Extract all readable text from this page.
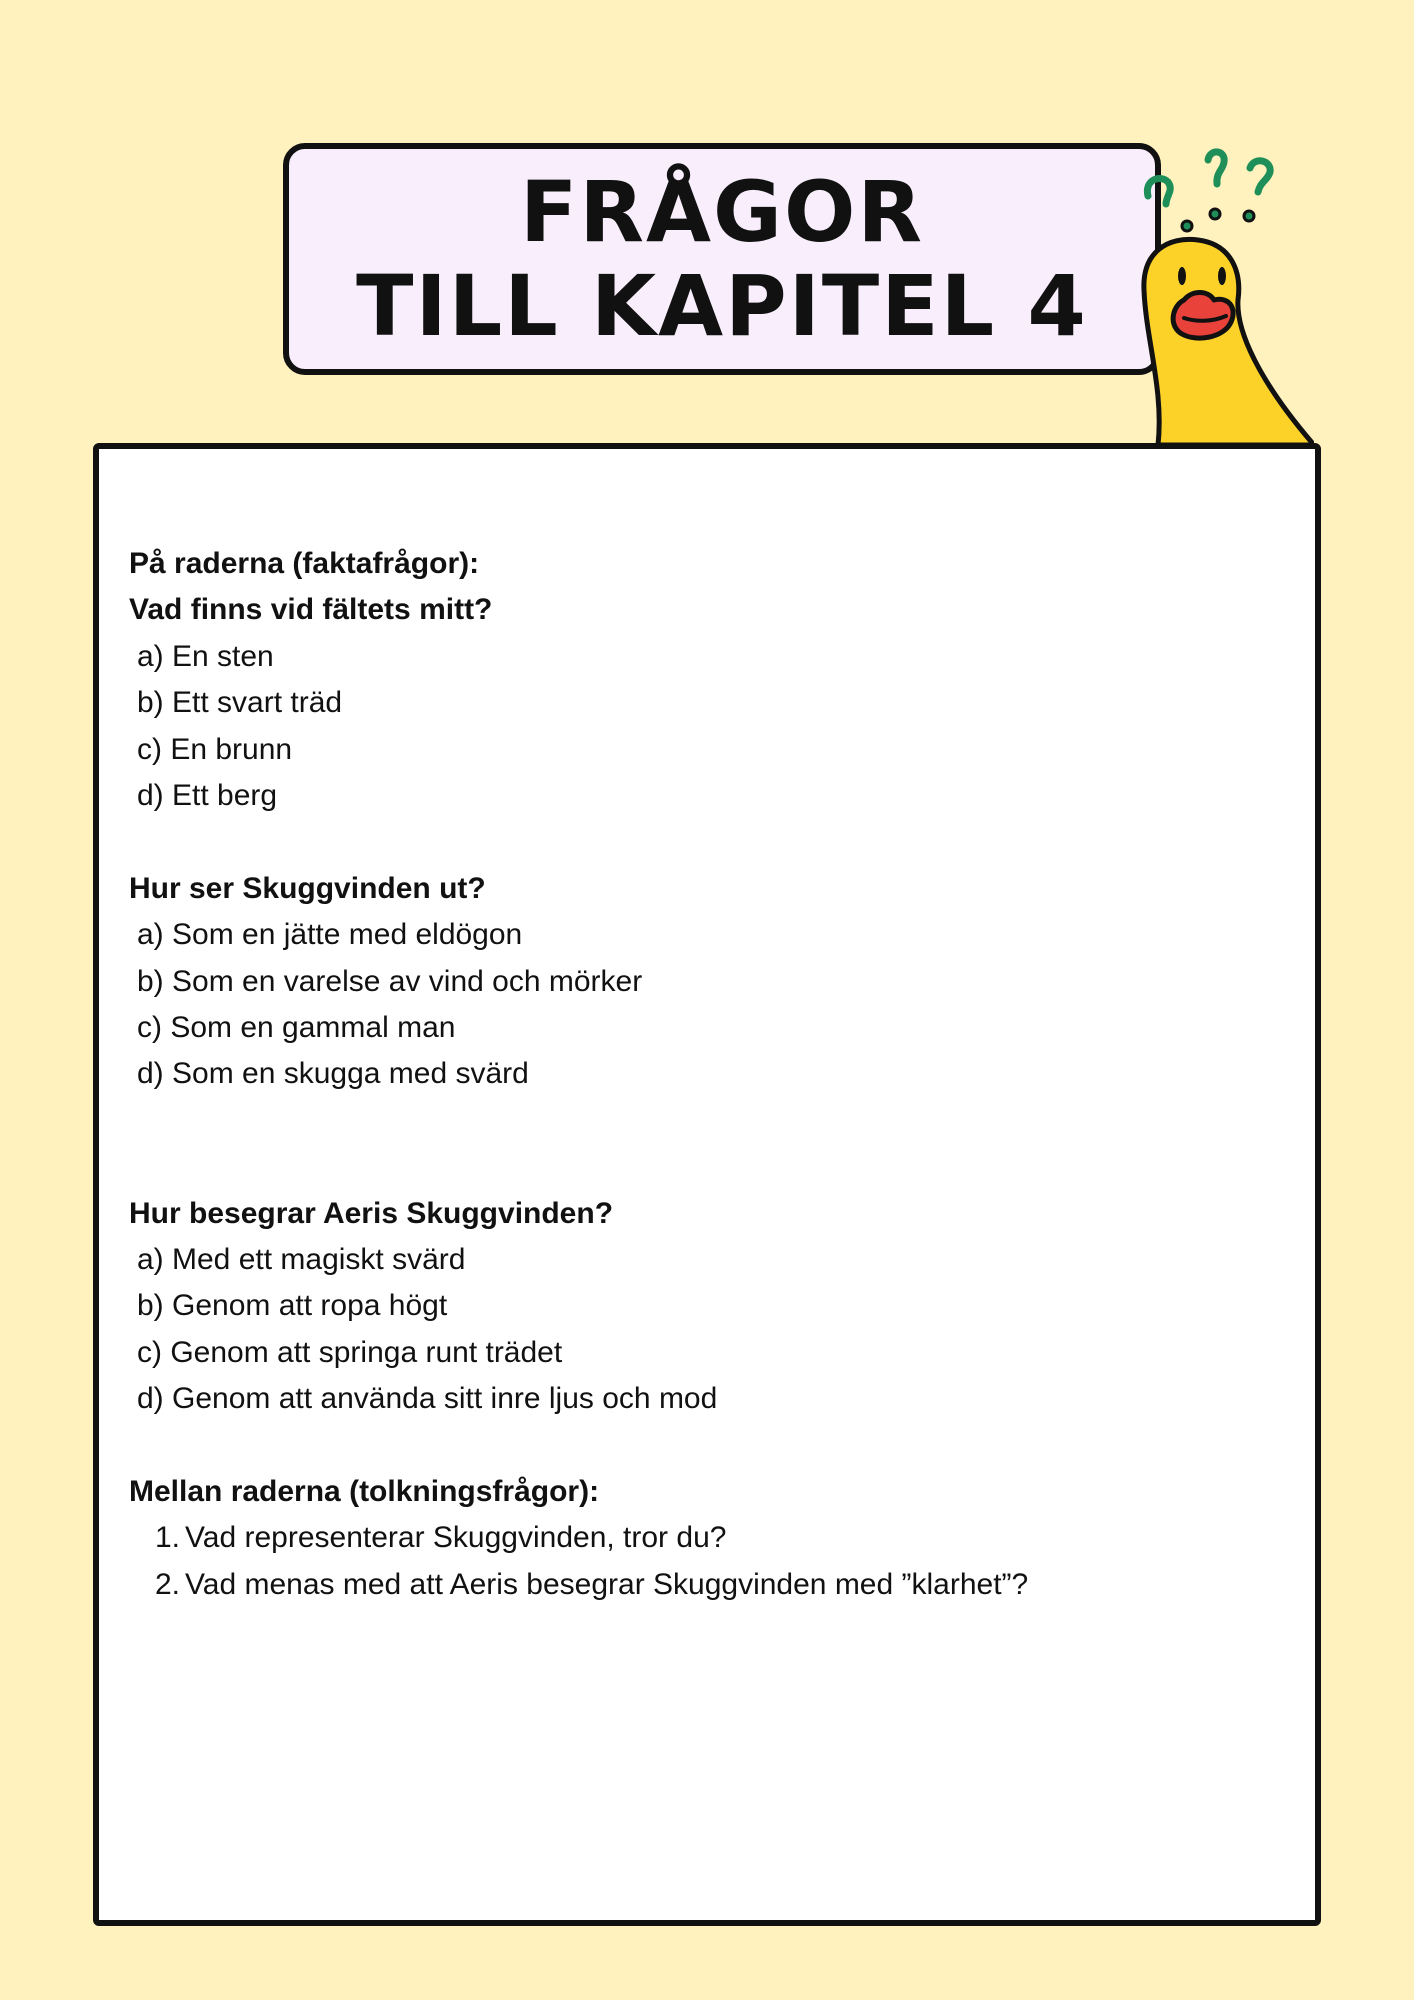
FRÅGOR
TILL KAPITEL 4
På raderna (faktafrågor):
Vad finns vid fältets mitt?
a) En sten
b) Ett svart träd
c) En brunn
d) Ett berg
Hur ser Skuggvinden ut?
a) Som en jätte med eldögon
b) Som en varelse av vind och mörker
c) Som en gammal man
d) Som en skugga med svärd
Hur besegrar Aeris Skuggvinden?
a) Med ett magiskt svärd
b) Genom att ropa högt
c) Genom att springa runt trädet
d) Genom att använda sitt inre ljus och mod
Mellan raderna (tolkningsfrågor):
1. Vad representerar Skuggvinden, tror du?
2. Vad menas med att Aeris besegrar Skuggvinden med ”klarhet”?
